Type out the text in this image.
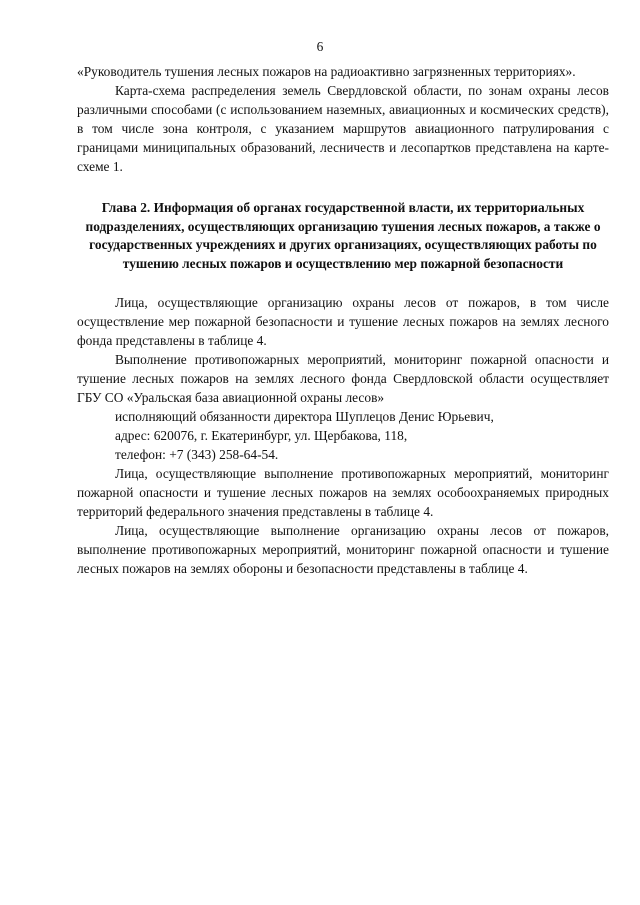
6

«Руководитель тушения лесных пожаров на радиоактивно загрязненных территориях».

Карта-схема распределения земель Свердловской области, по зонам охраны лесов различными способами (с использованием наземных, авиационных и космических средств), в том числе зона контроля, с указанием маршрутов авиационного патрулирования с границами миниципальных образований, лесничеств и лесопартков представлена на карте-схеме 1.

Глава 2. Информация об органах государственной власти, их территориальных подразделениях, осуществляющих организацию тушения лесных пожаров, а также о государственных учреждениях и других организациях, осуществляющих работы по тушению лесных пожаров и осуществлению мер пожарной безопасности

Лица, осуществляющие организацию охраны лесов от пожаров, в том числе осуществление мер пожарной безопасности и тушение лесных пожаров на землях лесного фонда представлены в таблице 4.

Выполнение противопожарных мероприятий, мониторинг пожарной опасности и тушение лесных пожаров на землях лесного фонда Свердловской области осуществляет ГБУ СО «Уральская база авиационной охраны лесов»

исполняющий обязанности директора Шуплецов Денис Юрьевич,

адрес: 620076, г. Екатеринбург, ул. Щербакова, 118,

телефон: +7 (343) 258-64-54.

Лица, осуществляющие выполнение противопожарных мероприятий, мониторинг пожарной опасности и тушение лесных пожаров на землях особоохраняемых природных территорий федерального значения представлены в таблице 4.

Лица, осуществляющие выполнение организацию охраны лесов от пожаров, выполнение противопожарных мероприятий, мониторинг пожарной опасности и тушение лесных пожаров на землях обороны и безопасности представлены в таблице 4.
